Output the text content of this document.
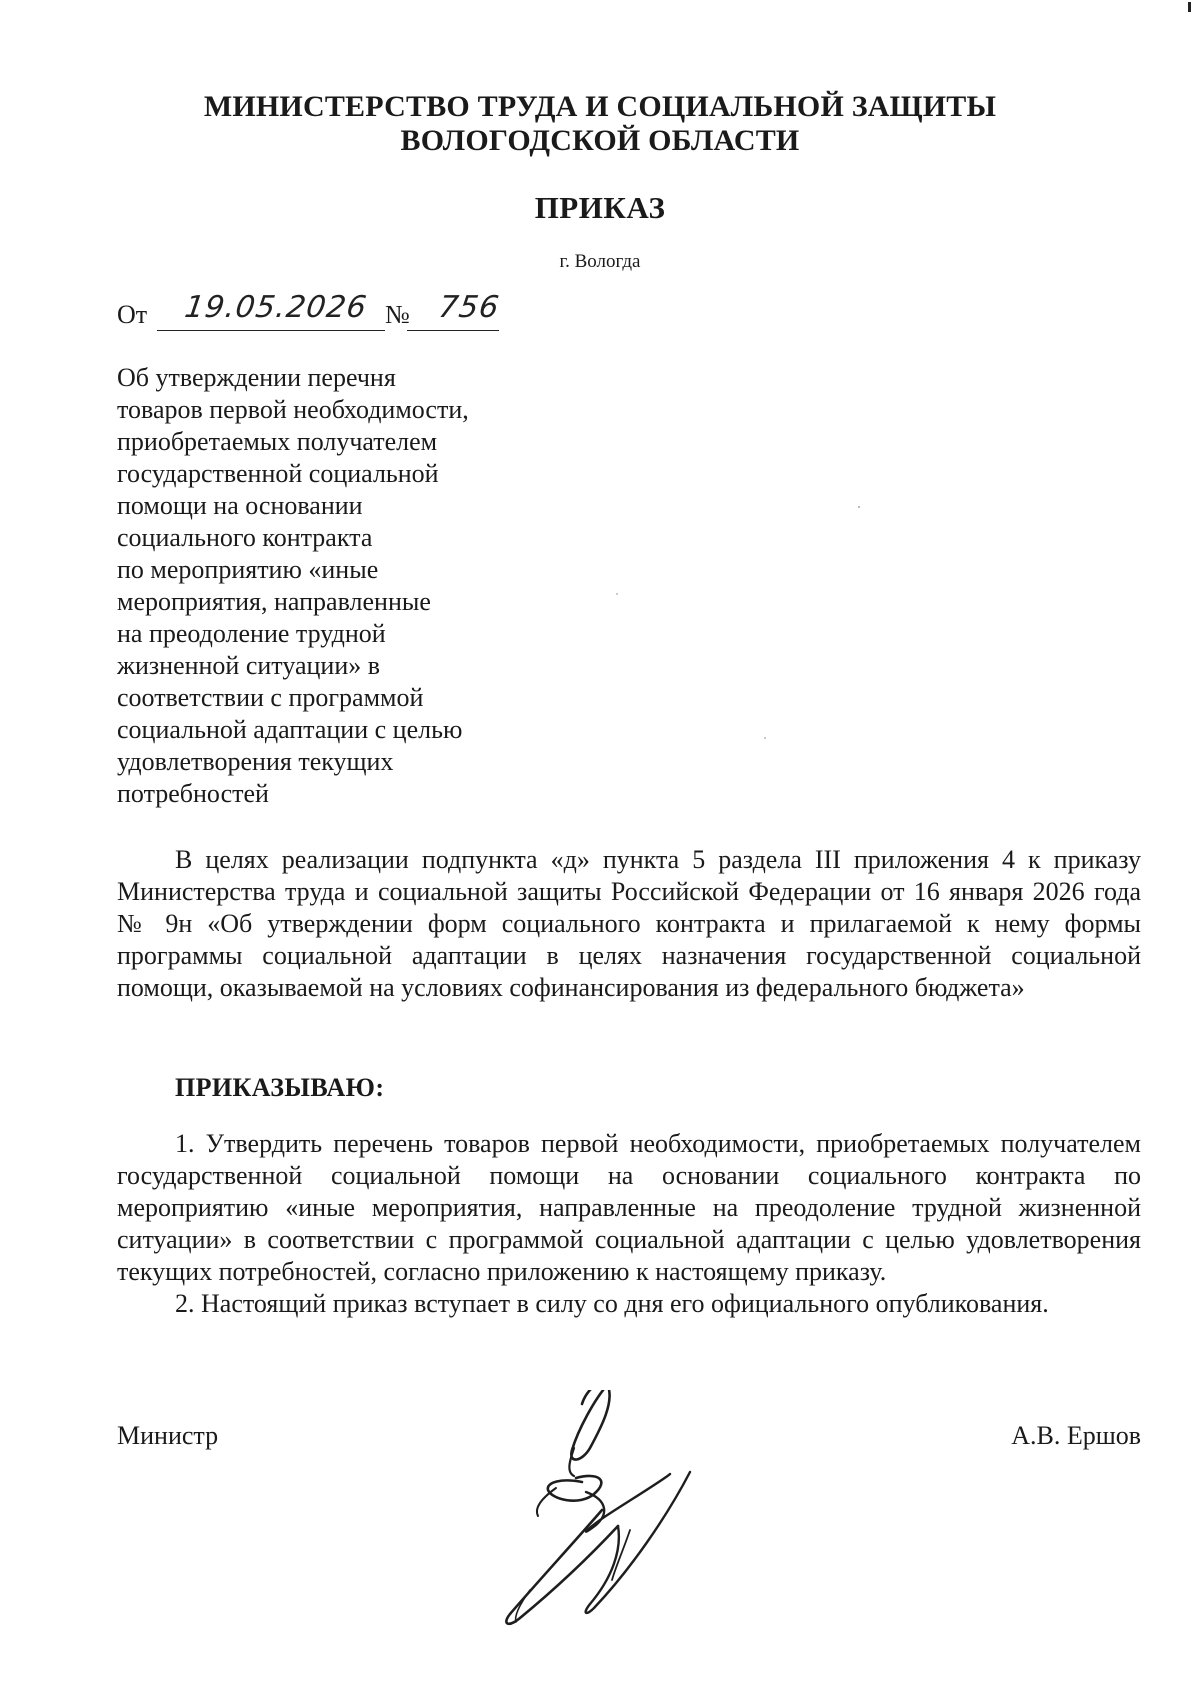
МИНИСТЕРСТВО ТРУДА И СОЦИАЛЬНОЙ ЗАЩИТЫ
ВОЛОГОДСКОЙ ОБЛАСТИ
ПРИКАЗ
г. Вологда
От 19.05.2026 № 756
Об утверждении перечня
товаров первой необходимости,
приобретаемых получателем
государственной социальной
помощи на основании
социального контракта
по мероприятию «иные
мероприятия, направленные
на преодоление трудной
жизненной ситуации» в
соответствии с программой
социальной адаптации с целью
удовлетворения текущих
потребностей
В целях реализации подпункта «д» пункта 5 раздела III приложения 4 к приказу Министерства труда и социальной защиты Российской Федерации от 16 января 2026 года № 9н «Об утверждении форм социального контракта и прилагаемой к нему формы программы социальной адаптации в целях назначения государственной социальной помощи, оказываемой на условиях софинансирования из федерального бюджета»
ПРИКАЗЫВАЮ:
1. Утвердить перечень товаров первой необходимости, приобретаемых получателем государственной социальной помощи на основании социального контракта по мероприятию «иные мероприятия, направленные на преодоление трудной жизненной ситуации» в соответствии с программой социальной адаптации с целью удовлетворения текущих потребностей, согласно приложению к настоящему приказу.
2. Настоящий приказ вступает в силу со дня его официального опубликования.
Министр	А.В. Ершов
